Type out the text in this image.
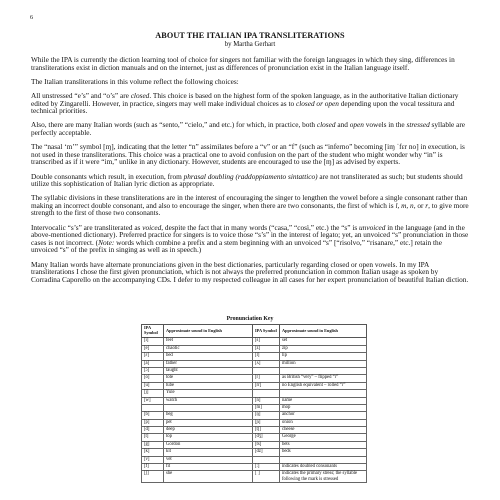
6
ABOUT THE ITALIAN IPA TRANSLITERATIONS
by Martha Gerhart

While the IPA is currently the diction learning tool of choice for singers not familiar with the foreign languages in which they sing, differences in transliterations exist in diction manuals and on the internet, just as differences of pronunciation exist in the Italian language itself.

The Italian transliterations in this volume reflect the following choices:

All unstressed “e’s” and “o’s” are closed. This choice is based on the highest form of the spoken language, as in the authoritative Italian dictionary edited by Zingarelli. However, in practice, singers may well make individual choices as to closed or open depending upon the vocal tessitura and technical priorities.

Also, there are many Italian words (such as “sento,” “cielo,” and etc.) for which, in practice, both closed and open vowels in the stressed syllable are perfectly acceptable.

The “nasal ‘m’” symbol [ɱ], indicating that the letter “n” assimilates before a “v” or an “f” (such as “inferno” becoming [iɱ ˈfɛr no] in execution, is not used in these transliterations. This choice was a practical one to avoid confusion on the part of the student who might wonder why “in” is transcribed as if it were “im,” unlike in any dictionary. However, students are encouraged to use the [ɱ] as advised by experts.

Double consonants which result, in execution, from phrasal doubling (raddoppiamento sintattico) are not transliterated as such; but students should utilize this sophistication of Italian lyric diction as appropriate.

The syllabic divisions in these transliterations are in the interest of encouraging the singer to lengthen the vowel before a single consonant rather than making an incorrect double consonant, and also to encourage the singer, when there are two consonants, the first of which is l, m, n, or r, to give more strength to the first of those two consonants.

Intervocalic “s’s” are transliterated as voiced, despite the fact that in many words (“casa,” “così,” etc.) the “s” is unvoiced in the language (and in the above-mentioned dictionary). Preferred practice for singers is to voice those “s’s” in the interest of legato; yet, an unvoiced “s” pronunciation in those cases is not incorrect. (Note: words which combine a prefix and a stem beginning with an unvoiced “s” [“risolvo,” “risanare,” etc.] retain the unvoiced “s” of the prefix in singing as well as in speech.)

Many Italian words have alternate pronunciations given in the best dictionaries, particularly regarding closed or open vowels. In my IPA transliterations I chose the first given pronunciation, which is not always the preferred pronunciation in common Italian usage as spoken by Corradina Caporello on the accompanying CDs. I defer to my respected colleague in all cases for her expert pronunciation of beautiful Italian diction.

Pronunciation Key
IPA Symbol	Approximate sound in English	IPA Symbol	Approximate sound in English
[i]	feet	[s]	set
[e]	chaotic	[z]	zip
[ɛ]	bed	[l]	lip
[a]	father	[ʎ]	million
[ɔ]	taught		
[o]	tote	[r]	as British “very” – flipped “r”
[u]	tube	[rr]	no English equivalent – rolled “r”
[j]	Yule		
[w]	watch	[n]	name
		[m]	mop
[b]	beg	[ŋ]	anchor
[p]	pet	[ɲ]	onion
[d]	deep	[tʃ]	cheese
[t]	top	[dʒ]	George
[g]	Gordon	[ts]	bets
[k]	kit	[dz]	beds
[v]	vet		
[f]	fit	[:]	indicates doubled consonants
[ʃ]	she	[ˈ]	indicates the primary stress; the syllable following the mark is stressed
